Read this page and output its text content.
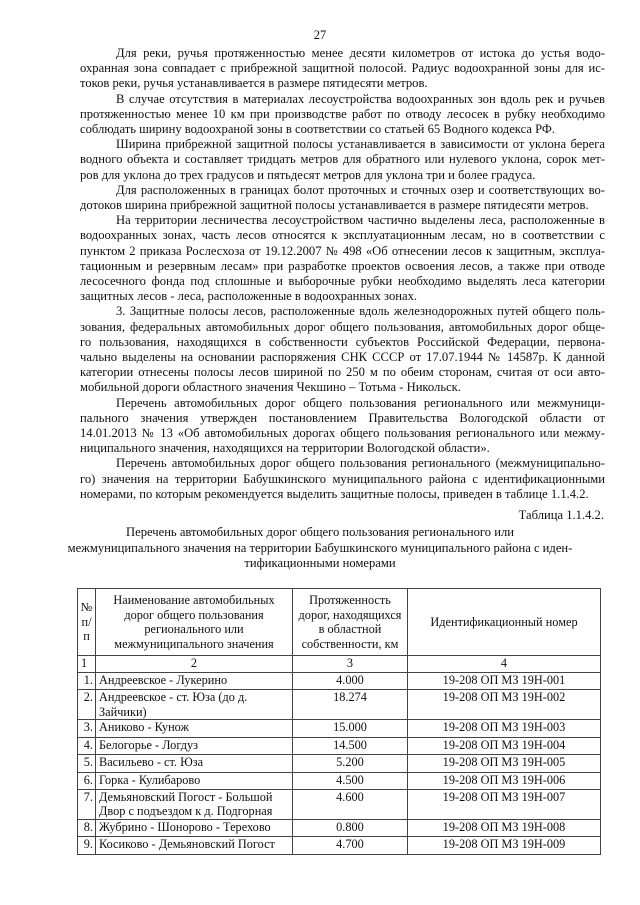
27
Для реки, ручья протяженностью менее десяти километров от истока до устья водо-
охранная зона совпадает с прибрежной защитной полосой. Радиус водоохранной зоны для ис-
токов реки, ручья устанавливается в размере пятидесяти метров.
В случае отсутствия в материалах лесоустройства водоохранных зон вдоль рек и ручьев
протяженностью менее 10 км при производстве работ по отводу лесосек в рубку необходимо
соблюдать ширину водоохраной зоны в соответствии со статьей 65 Водного кодекса РФ.
Ширина прибрежной защитной полосы устанавливается в зависимости от уклона берега
водного объекта и составляет тридцать метров для обратного или нулевого уклона, сорок мет-
ров для уклона до трех градусов и пятьдесят метров для уклона три и более градуса.
Для расположенных в границах болот проточных и сточных озер и соответствующих во-
дотоков ширина прибрежной защитной полосы устанавливается в размере пятидесяти метров.
На территории лесничества лесоустройством частично выделены леса, расположенные в
водоохранных зонах, часть лесов относятся к эксплуатационным лесам, но в соответствии с
пунктом 2 приказа Рослесхоза от 19.12.2007 № 498 «Об отнесении лесов к защитным, эксплуа-
тационным и резервным лесам» при разработке проектов освоения лесов, а также при отводе
лесосечного фонда под сплошные и выборочные рубки необходимо выделять леса категории
защитных лесов - леса, расположенные в водоохранных зонах.
3. Защитные полосы лесов, расположенные вдоль железнодорожных путей общего поль-
зования, федеральных автомобильных дорог общего пользования, автомобильных дорог обще-
го пользования, находящихся в собственности субъектов Российской Федерации, первона-
чально выделены на основании распоряжения СНК СССР от 17.07.1944 № 14587р. К данной
категории отнесены полосы лесов шириной по 250 м по обеим сторонам, считая от оси авто-
мобильной дороги областного значения Чекшино – Тотьма - Никольск.
Перечень автомобильных дорог общего пользования регионального или межмуници-
пального значения утвержден постановлением Правительства Вологодской области от
14.01.2013 № 13 «Об автомобильных дорогах общего пользования регионального или межму-
ниципального значения, находящихся на территории Вологодской области».
Перечень автомобильных дорог общего пользования регионального (межмуниципально-
го) значения на территории Бабушкинского муниципального района с идентификационными
номерами, по которым рекомендуется выделить защитные полосы, приведен в таблице 1.1.4.2.
Таблица 1.1.4.2.
Перечень автомобильных дорог общего пользования регионального или
межмуниципального значения на территории Бабушкинского муниципального района с иден-
тификационными номерами
№ п/п	Наименование автомобильных дорог общего пользования регионального или межмуниципального значения	Протяженность дорог, находящихся в областной собственности, км	Идентификационный номер
1	2	3	4
1.	Андреевское - Лукерино	4.000	19-208 ОП МЗ 19Н-001
2.	Андреевское - ст. Юза (до д. Зайчики)	18.274	19-208 ОП МЗ 19Н-002
3.	Аниково - Кунож	15.000	19-208 ОП МЗ 19Н-003
4.	Белогорье - Логдуз	14.500	19-208 ОП МЗ 19Н-004
5.	Васильево - ст. Юза	5.200	19-208 ОП МЗ 19Н-005
6.	Горка - Кулибарово	4.500	19-208 ОП МЗ 19Н-006
7.	Демьяновский Погост - Большой Двор с подъездом к д. Подгорная	4.600	19-208 ОП МЗ 19Н-007
8.	Жубрино - Шонорово - Терехово	0.800	19-208 ОП МЗ 19Н-008
9.	Косиково - Демьяновский Погост	4.700	19-208 ОП МЗ 19Н-009
